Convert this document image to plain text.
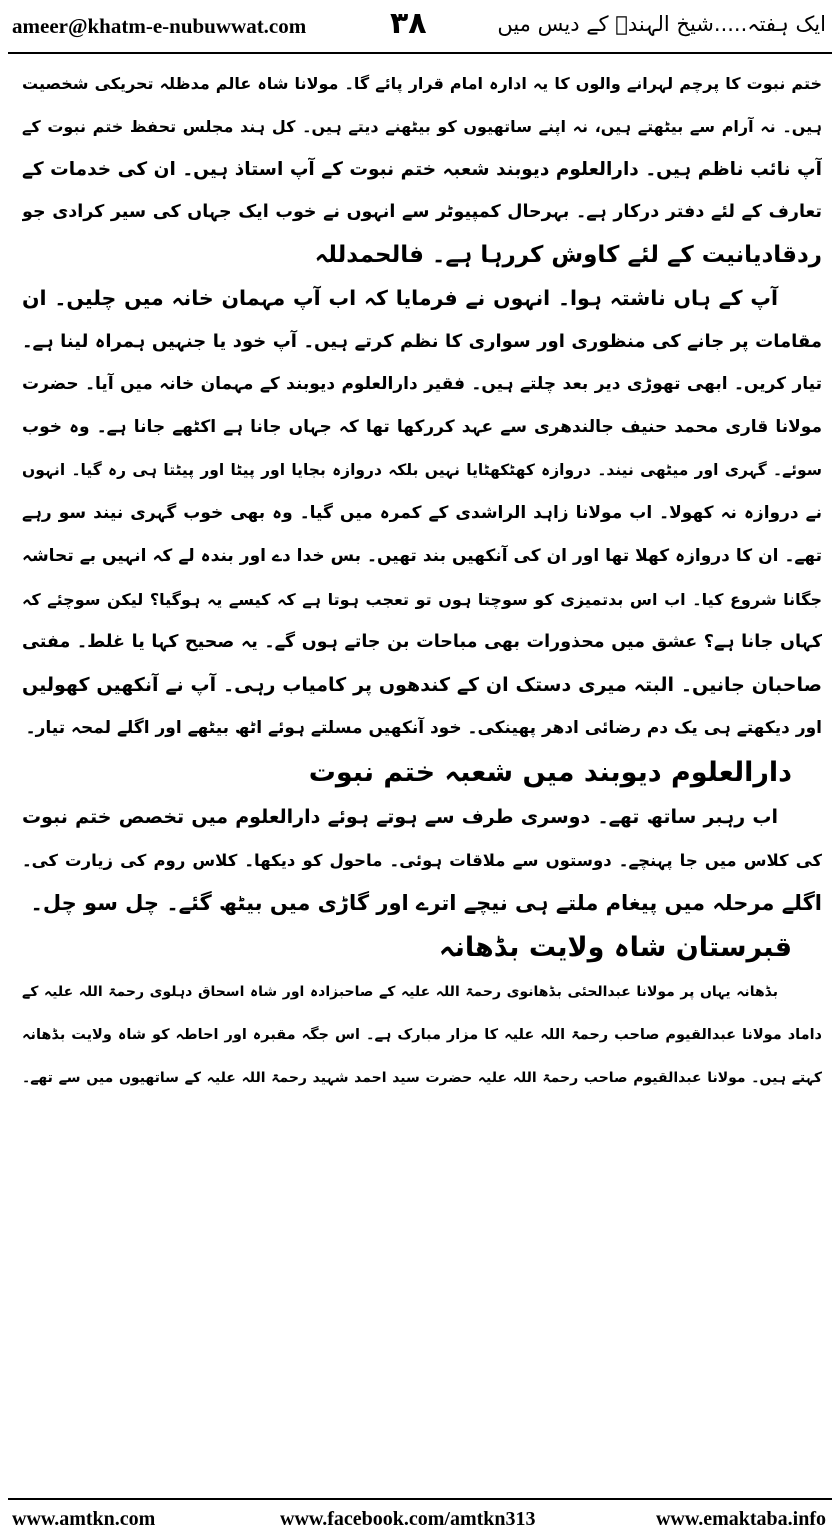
ameer@khatm-e-nubuwwat.com	۳۸	ایک ہفتہ.....شیخ الہندؒ کے دیس میں
ختم نبوت کا پرچم لہرانے والوں کا یہ ادارہ امام قرار پائے گا۔ مولانا شاہ عالم مدظلہ تحریکی شخصیت
ہیں۔ نہ آرام سے بیٹھتے ہیں، نہ اپنے ساتھیوں کو بیٹھنے دیتے ہیں۔ کل ہند مجلس تحفظ ختم نبوت کے
آپ نائب ناظم ہیں۔ دارالعلوم دیوبند شعبہ ختم نبوت کے آپ استاذ ہیں۔ ان کی خدمات کے
تعارف کے لئے دفتر درکار ہے۔ بہرحال کمپیوٹر سے انہوں نے خوب ایک جہاں کی سیر کرادی جو
ردقادیانیت کے لئے کاوش کررہا ہے۔ فالحمدللہ
آپ کے ہاں ناشتہ ہوا۔ انہوں نے فرمایا کہ اب آپ مہمان خانہ میں چلیں۔ ان
مقامات پر جانے کی منظوری اور سواری کا نظم کرتے ہیں۔ آپ خود یا جنہیں ہمراہ لینا ہے۔
تیار کریں۔ ابھی تھوڑی دیر بعد چلتے ہیں۔ فقیر دارالعلوم دیوبند کے مہمان خانہ میں آیا۔ حضرت
مولانا قاری محمد حنیف جالندھری سے عہد کررکھا تھا کہ جہاں جانا ہے اکٹھے جانا ہے۔ وہ خوب
سوئے۔ گہری اور میٹھی نیند۔ دروازہ کھٹکھٹایا نہیں بلکہ دروازہ بجایا اور پیٹا اور پیٹتا ہی رہ گیا۔ انہوں
نے دروازہ نہ کھولا۔ اب مولانا زاہد الراشدی کے کمرہ میں گیا۔ وہ بھی خوب گہری نیند سو رہے
تھے۔ ان کا دروازہ کھلا تھا اور ان کی آنکھیں بند تھیں۔ بس خدا دے اور بندہ لے کہ انہیں بے تحاشہ
جگانا شروع کیا۔ اب اس بدتمیزی کو سوچتا ہوں تو تعجب ہوتا ہے کہ کیسے یہ ہوگیا؟ لیکن سوچئے کہ
کہاں جانا ہے؟ عشق میں محذورات بھی مباحات بن جاتے ہوں گے۔ یہ صحیح کہا یا غلط۔ مفتی
صاحبان جانیں۔ البتہ میری دستک ان کے کندھوں پر کامیاب رہی۔ آپ نے آنکھیں کھولیں
اور دیکھتے ہی یک دم رضائی ادھر پھینکی۔ خود آنکھیں مسلتے ہوئے اٹھ بیٹھے اور اگلے لمحہ تیار۔
دارالعلوم دیوبند میں شعبہ ختم نبوت
اب رہبر ساتھ تھے۔ دوسری طرف سے ہوتے ہوئے دارالعلوم میں تخصص ختم نبوت
کی کلاس میں جا پہنچے۔ دوستوں سے ملاقات ہوئی۔ ماحول کو دیکھا۔ کلاس روم کی زیارت کی۔
اگلے مرحلہ میں پیغام ملتے ہی نیچے اترے اور گاڑی میں بیٹھ گئے۔ چل سو چل۔
قبرستان شاہ ولایت بڈھانہ
بڈھانہ یہاں پر مولانا عبدالحئی بڈھانوی رحمۃ اللہ علیہ کے صاحبزادہ اور شاہ اسحاق دہلوی رحمۃ اللہ علیہ کے
داماد مولانا عبدالقیوم صاحب رحمۃ اللہ علیہ کا مزار مبارک ہے۔ اس جگہ مقبرہ اور احاطہ کو شاہ ولایت بڈھانہ
کہتے ہیں۔ مولانا عبدالقیوم صاحب رحمۃ اللہ علیہ حضرت سید احمد شہید رحمۃ اللہ علیہ کے ساتھیوں میں سے تھے۔
www.amtkn.com	www.facebook.com/amtkn313	www.emaktaba.info
